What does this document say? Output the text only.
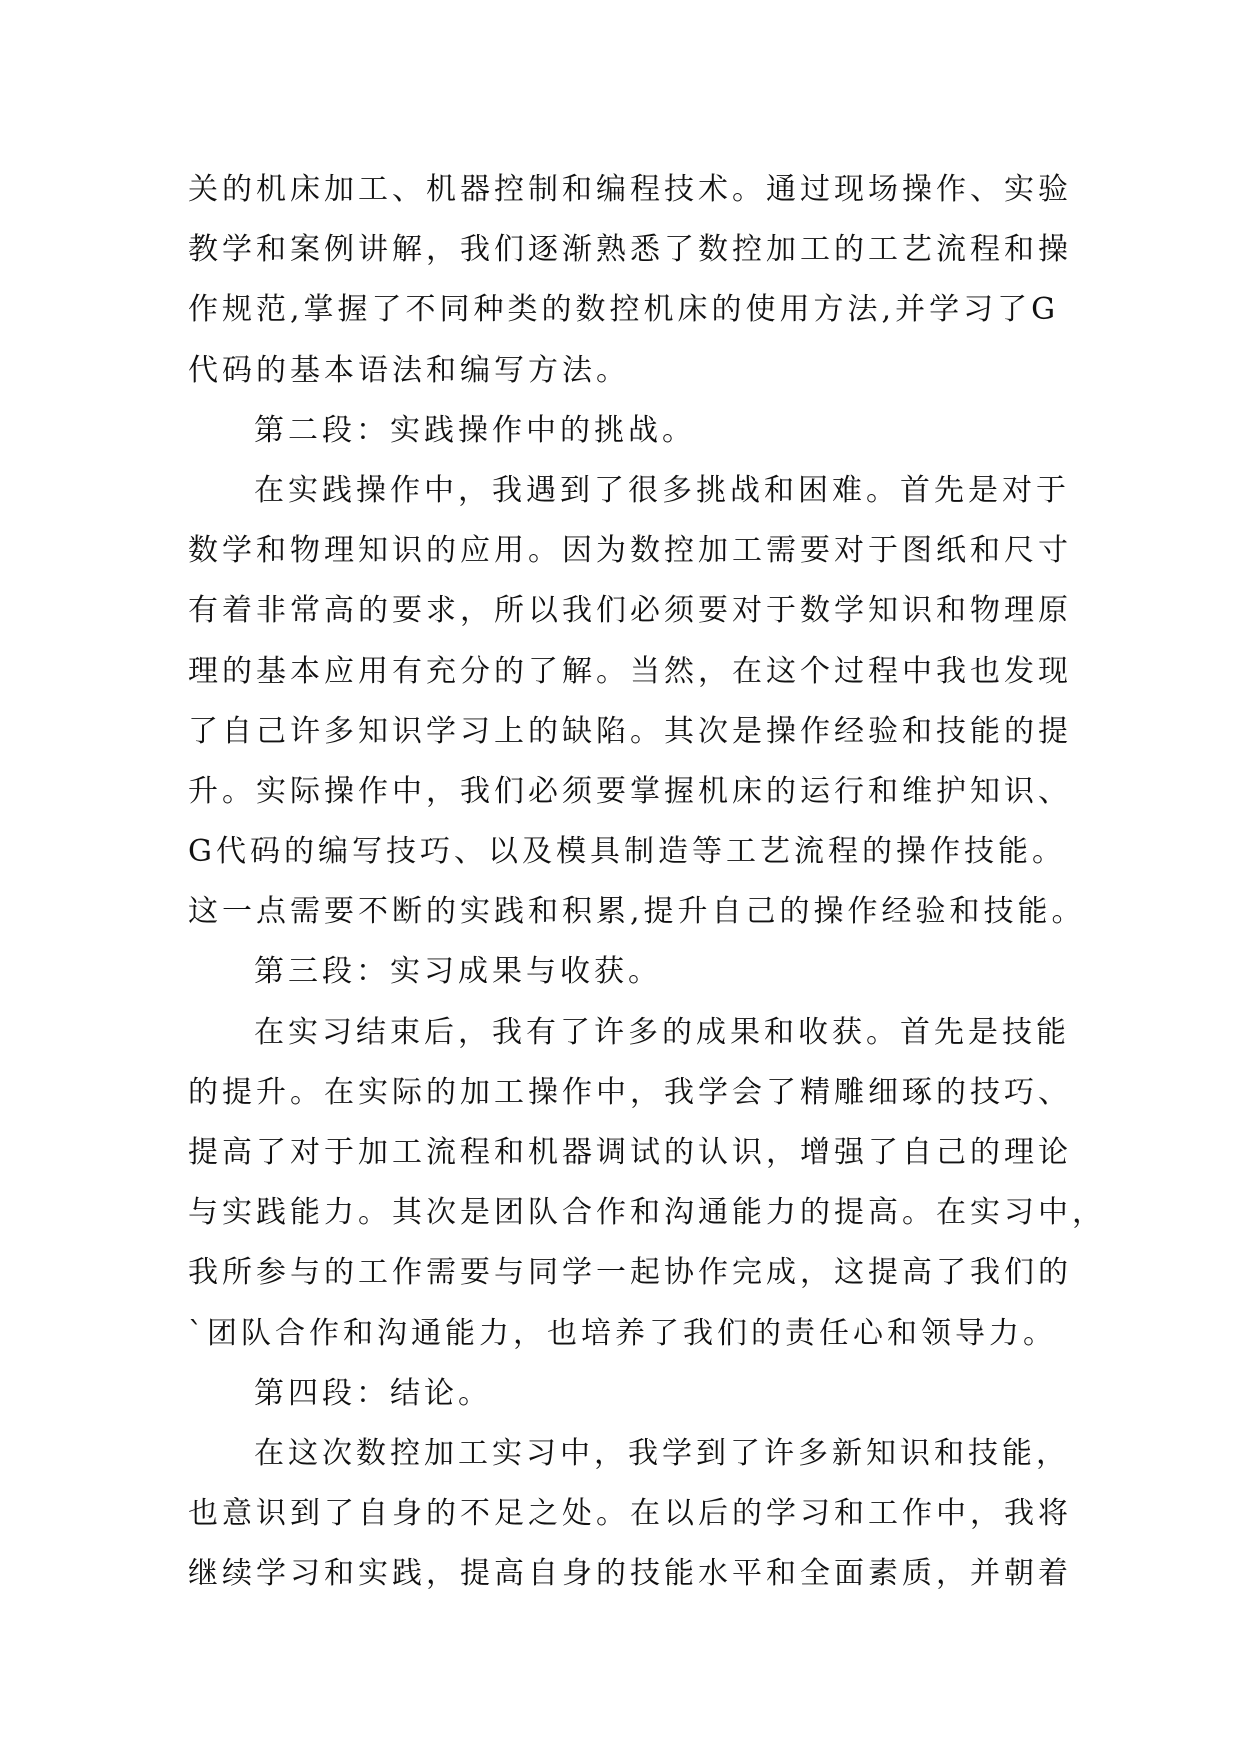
关的机床加工、机器控制和编程技术。通过现场操作、实验
教学和案例讲解，我们逐渐熟悉了数控加工的工艺流程和操
作规范,掌握了不同种类的数控机床的使用方法,并学习了G
代码的基本语法和编写方法。
第二段：实践操作中的挑战。
在实践操作中，我遇到了很多挑战和困难。首先是对于
数学和物理知识的应用。因为数控加工需要对于图纸和尺寸
有着非常高的要求，所以我们必须要对于数学知识和物理原
理的基本应用有充分的了解。当然，在这个过程中我也发现
了自己许多知识学习上的缺陷。其次是操作经验和技能的提
升。实际操作中，我们必须要掌握机床的运行和维护知识、
G代码的编写技巧、以及模具制造等工艺流程的操作技能。
这一点需要不断的实践和积累,提升自己的操作经验和技能。
第三段：实习成果与收获。
在实习结束后，我有了许多的成果和收获。首先是技能
的提升。在实际的加工操作中，我学会了精雕细琢的技巧、
提高了对于加工流程和机器调试的认识，增强了自己的理论
与实践能力。其次是团队合作和沟通能力的提高。在实习中，
我所参与的工作需要与同学一起协作完成，这提高了我们的
`团队合作和沟通能力，也培养了我们的责任心和领导力。
第四段：结论。
在这次数控加工实习中，我学到了许多新知识和技能，
也意识到了自身的不足之处。在以后的学习和工作中，我将
继续学习和实践，提高自身的技能水平和全面素质，并朝着
